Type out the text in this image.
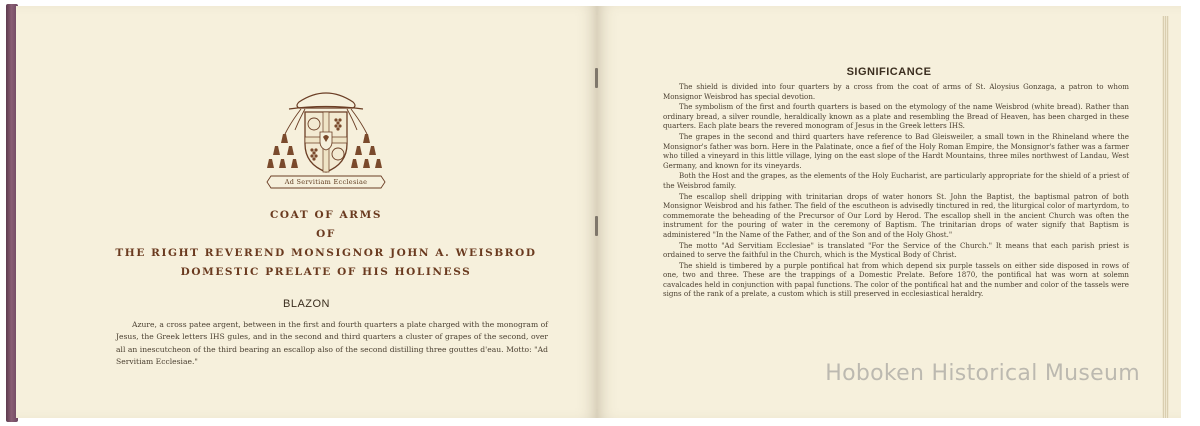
Ad Servitiam Ecclesiae
COAT OF ARMS
OF
THE RIGHT REVEREND MONSIGNOR JOHN A. WEISBROD
DOMESTIC PRELATE OF HIS HOLINESS
BLAZON
Azure, a cross patee argent, between in the first and fourth quarters a plate charged with the monogram of Jesus, the Greek letters IHS gules, and in the second and third quarters a cluster of grapes of the second, over all an inescutcheon of the third bearing an escallop also of the second distilling three gouttes d'eau. Motto: "Ad Servitiam Ecclesiae."
SIGNIFICANCE

The shield is divided into four quarters by a cross from the coat of arms of St. Aloysius Gonzaga, a patron to whom Monsignor Weisbrod has special devotion.

The symbolism of the first and fourth quarters is based on the etymology of the name Weisbrod (white bread). Rather than ordinary bread, a silver roundle, heraldically known as a plate and resembling the Bread of Heaven, has been charged in these quarters. Each plate bears the revered monogram of Jesus in the Greek letters IHS.

The grapes in the second and third quarters have reference to Bad Gleisweiler, a small town in the Rhineland where the Monsignor's father was born. Here in the Palatinate, once a fief of the Holy Roman Empire, the Monsignor's father was a farmer who tilled a vineyard in this little village, lying on the east slope of the Hardt Mountains, three miles northwest of Landau, West Germany, and known for its vineyards.

Both the Host and the grapes, as the elements of the Holy Eucharist, are particularly appropriate for the shield of a priest of the Weisbrod family.

The escallop shell dripping with trinitarian drops of water honors St. John the Baptist, the baptismal patron of both Monsignor Weisbrod and his father. The field of the escutheon is advisedly tinctured in red, the liturgical color of martyrdom, to commemorate the beheading of the Precursor of Our Lord by Herod. The escallop shell in the ancient Church was often the instrument for the pouring of water in the ceremony of Baptism. The trinitarian drops of water signify that Baptism is administered "In the Name of the Father, and of the Son and of the Holy Ghost."

The motto "Ad Servitiam Ecclesiae" is translated "For the Service of the Church." It means that each parish priest is ordained to serve the faithful in the Church, which is the Mystical Body of Christ.

The shield is timbered by a purple pontifical hat from which depend six purple tassels on either side disposed in rows of one, two and three. These are the trappings of a Domestic Prelate. Before 1870, the pontifical hat was worn at solemn cavalcades held in conjunction with papal functions. The color of the pontifical hat and the number and color of the tassels were signs of the rank of a prelate, a custom which is still preserved in ecclesiastical heraldry.

Hoboken Historical Museum
